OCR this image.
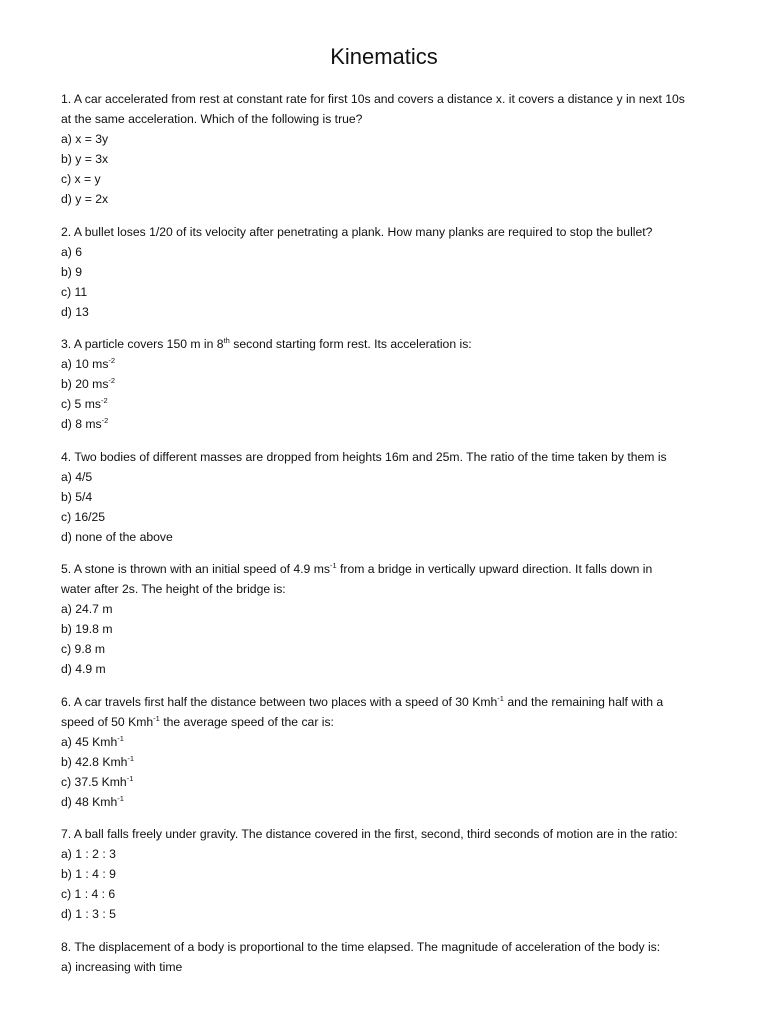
Kinematics

1. A car accelerated from rest at constant rate for first 10s and covers a distance x. it covers a distance y in next 10s

at the same acceleration. Which of the following is true?

a) x = 3y

b) y = 3x

c) x = y

d) y = 2x

2. A bullet loses 1/20 of its velocity after penetrating a plank. How many planks are required to stop the bullet?

a) 6

b) 9

c) 11

d) 13

3. A particle covers 150 m in 8th second starting form rest. Its acceleration is:

a) 10 $ms^{-2}$

b) 20 $ms^{-2}$

c) 5 $ms^{-2}$

d) 8 $ms^{-2}$

4. Two bodies of different masses are dropped from heights 16m and 25m. The ratio of the time taken by them is

a) 4/5

b) 5/4

c) 16/25

d) none of the above

5. A stone is thrown with an initial speed of 4.9 $ms^{-1}$ from a bridge in vertically upward direction. It falls down in

water after 2s. The height of the bridge is:

a) 24.7 m

b) 19.8 m

c) 9.8 m

d) 4.9 m

6. A car travels first half the distance between two places with a speed of 30 Kmh$^{-1}$ and the remaining half with a

speed of 50 Kmh$^{-1}$ the average speed of the car is:

a) 45 Kmh$^{-1}$

b) 42.8 Kmh$^{-1}$

c) 37.5 Kmh$^{-1}$

d) 48 Kmh$^{-1}$

7. A ball falls freely under gravity. The distance covered in the first, second, third seconds of motion are in the ratio:

a) 1 : 2 : 3

b) 1 : 4 : 9

c) 1 : 4 : 6

d) 1 : 3 : 5

8. The displacement of a body is proportional to the time elapsed. The magnitude of acceleration of the body is:

a) increasing with time
